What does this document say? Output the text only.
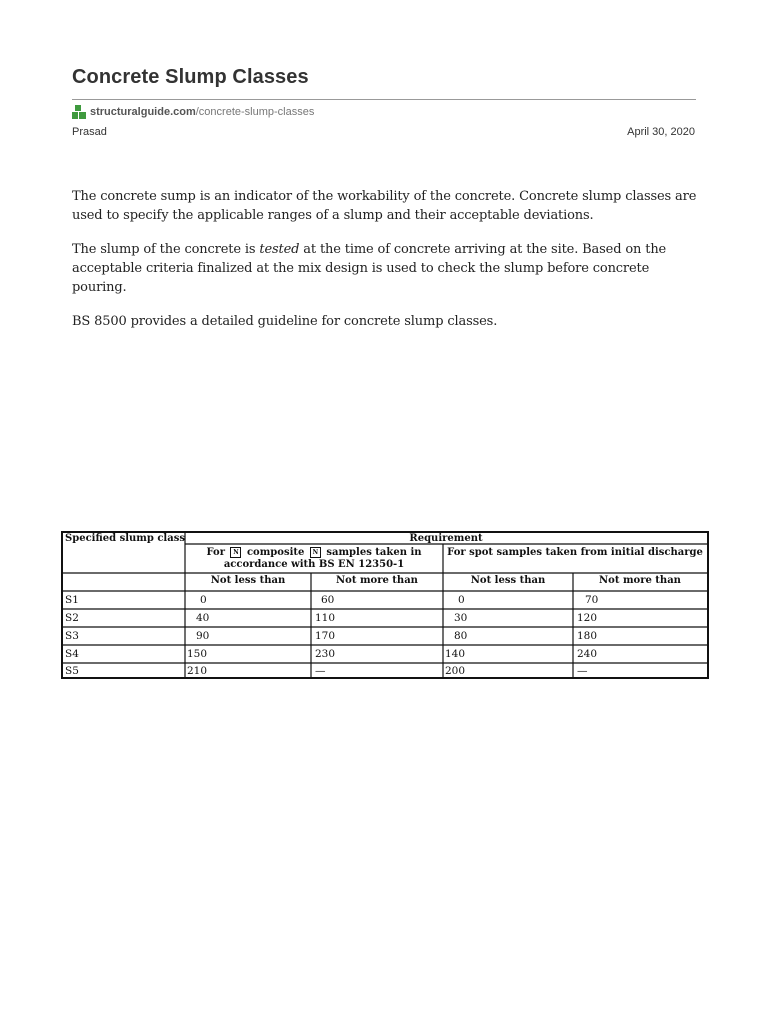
Concrete Slump Classes
structuralguide.com /concrete-slump-classes
Prasad	April 30, 2020

The concrete sump is an indicator of the workability of the concrete. Concrete slump classes are used to specify the applicable ranges of a slump and their acceptable deviations.

The slump of the concrete is tested at the time of concrete arriving at the site. Based on the acceptable criteria finalized at the mix design is used to check the slump before concrete pouring.

BS 8500 provides a detailed guideline for concrete slump classes.

Specified slump class	Requirement
For N composite N samples taken in
accordance with BS EN 12350-1
For spot samples taken from initial discharge
Not less than	Not more than	Not less than	Not more than
S1	0	60	0	70
S2	40	110	30	120
S3	90	170	80	180
S4	150	230	140	240
S5	210	—	200	—
